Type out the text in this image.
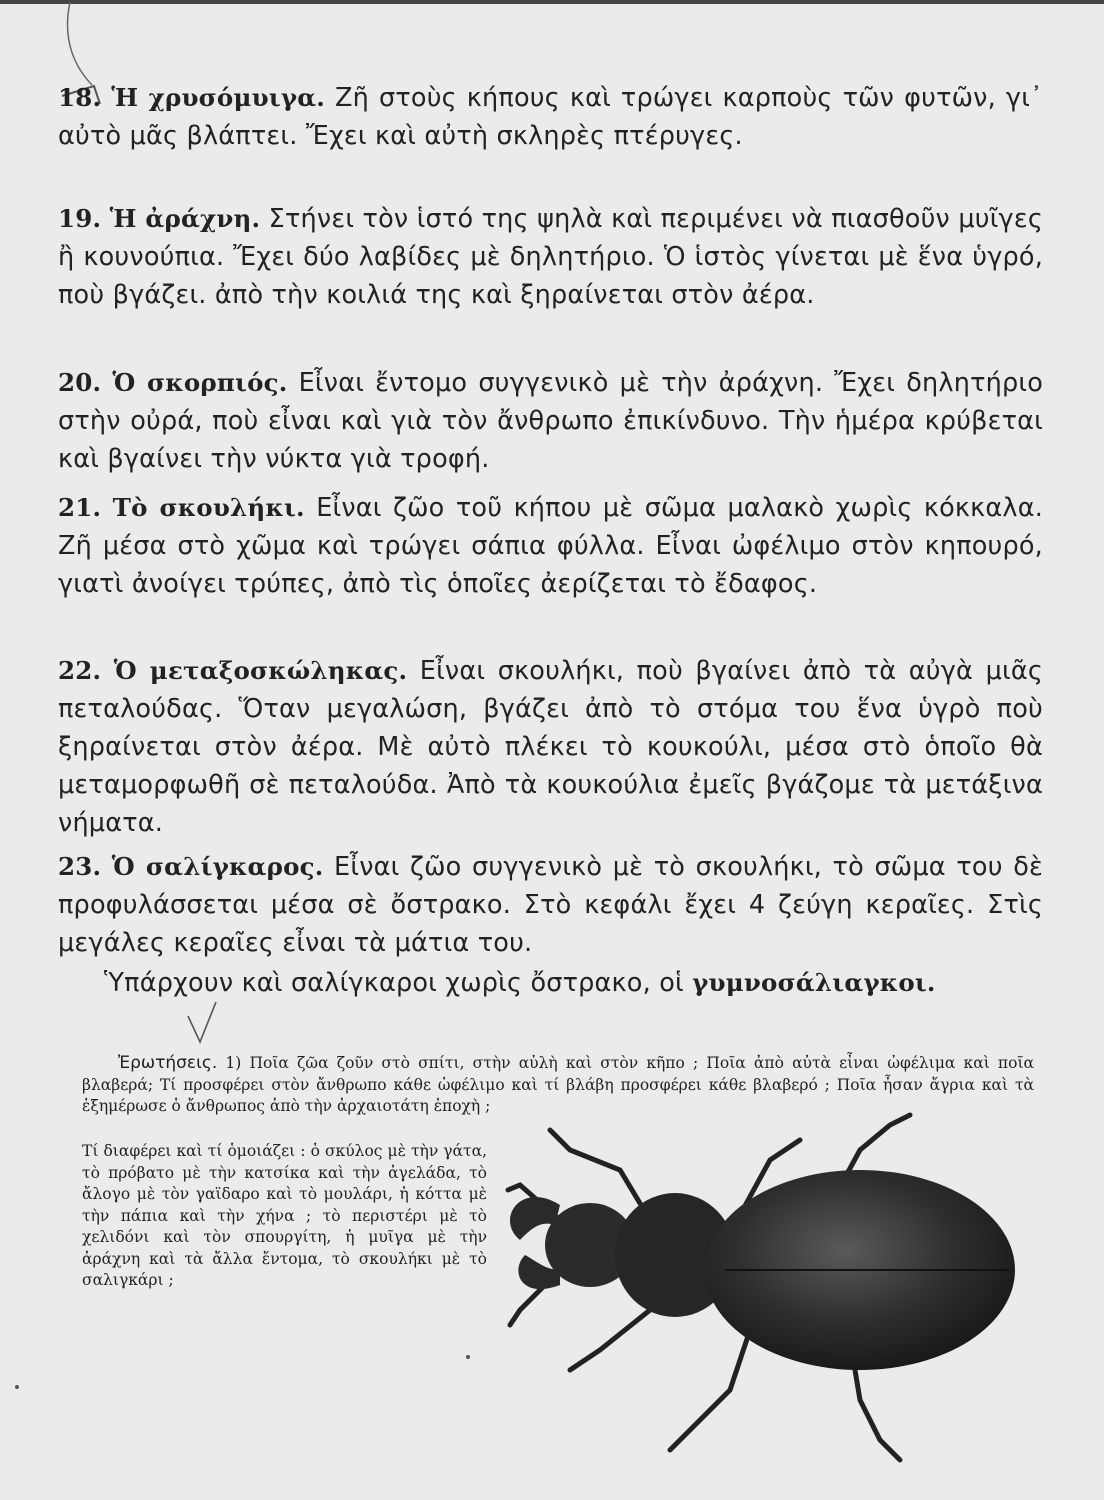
18. Ἡ χρυσόμυιγα. Ζῆ στοὺς κήπους καὶ τρώγει καρποὺς τῶν φυτῶν, γι᾿ αὐτὸ μᾶς βλάπτει. Ἔχει καὶ αὐτὴ σκληρὲς πτέρυγες.

19. Ἡ ἀράχνη. Στήνει τὸν ἱστό της ψηλὰ καὶ περιμένει νὰ πιασθοῦν μυῖγες ἢ κουνούπια. Ἔχει δύο λαβίδες μὲ δηλητήριο. Ὁ ἱστὸς γίνεται μὲ ἕνα ὑγρό, ποὺ βγάζει. ἀπὸ τὴν κοιλιά της καὶ ξηραίνεται στὸν ἀέρα.

20. Ὁ σκορπιός. Εἶναι ἔντομο συγγενικὸ μὲ τὴν ἀράχνη. Ἔχει δηλητήριο στὴν οὐρά, ποὺ εἶναι καὶ γιὰ τὸν ἄνθρωπο ἐπικίνδυνο. Τὴν ἡμέρα κρύβεται καὶ βγαίνει τὴν νύκτα γιὰ τροφή.

21. Τὸ σκουλήκι. Εἶναι ζῶο τοῦ κήπου μὲ σῶμα μαλακὸ χωρὶς κόκκαλα. Ζῆ μέσα στὸ χῶμα καὶ τρώγει σάπια φύλλα. Εἶναι ὠφέλιμο στὸν κηπουρό, γιατὶ ἀνοίγει τρύπες, ἀπὸ τὶς ὁποῖες ἀερίζεται τὸ ἔδαφος.

22. Ὁ μεταξοσκώληκας. Εἶναι σκουλήκι, ποὺ βγαίνει ἀπὸ τὰ αὐγὰ μιᾶς πεταλούδας. Ὅταν μεγαλώση, βγάζει ἀπὸ τὸ στόμα του ἕνα ὑγρὸ ποὺ ξηραίνεται στὸν ἀέρα. Μὲ αὐτὸ πλέκει τὸ κουκούλι, μέσα στὸ ὁποῖο θὰ μεταμορφωθῆ σὲ πεταλούδα. Ἀπὸ τὰ κουκούλια ἐμεῖς βγάζομε τὰ μετάξινα νήματα.

23. Ὁ σαλίγκαρος. Εἶναι ζῶο συγγενικὸ μὲ τὸ σκουλήκι, τὸ σῶμα του δὲ προφυλάσσεται μέσα σὲ ὄστρακο. Στὸ κεφάλι ἔχει 4 ζεύγη κεραῖες. Στὶς μεγάλες κεραῖες εἶναι τὰ μάτια του.

Ὑπάρχουν καὶ σαλίγκαροι χωρὶς ὄστρακο, οἱ γυμνοσάλιαγκοι.

Ἐρωτήσεις. 1) Ποῖα ζῶα ζοῦν στὸ σπίτι, στὴν αὐλὴ καὶ στὸν κῆπο ; Ποῖα ἀπὸ αὐτὰ εἶναι ὠφέλιμα καὶ ποῖα βλαβερά; Τί προσφέρει στὸν ἄνθρωπο κάθε ὠφέλιμο καὶ τί βλάβη προσφέρει κάθε βλαβερό ; Ποῖα ἦσαν ἄγρια καὶ τὰ ἐξημέρωσε ὁ ἄνθρωπος ἀπὸ τὴν ἀρχαιοτάτη ἐποχὴ ;

Τί διαφέρει καὶ τί ὁμοιάζει : ὁ σκύλος μὲ τὴν γάτα, τὸ πρόβατο μὲ τὴν κατσίκα καὶ τὴν ἀγελάδα, τὸ ἄλογο μὲ τὸν γαϊδαρο καὶ τὸ μουλάρι, ἡ κόττα μὲ τὴν πάπια καὶ τὴν χήνα ; τὸ περιστέρι μὲ τὸ χελιδόνι καὶ τὸν σπουργίτη, ἡ μυῖγα μὲ τὴν ἀράχνη καὶ τὰ ἄλλα ἔντομα, τὸ σκουλήκι μὲ τὸ σαλιγκάρι ;
